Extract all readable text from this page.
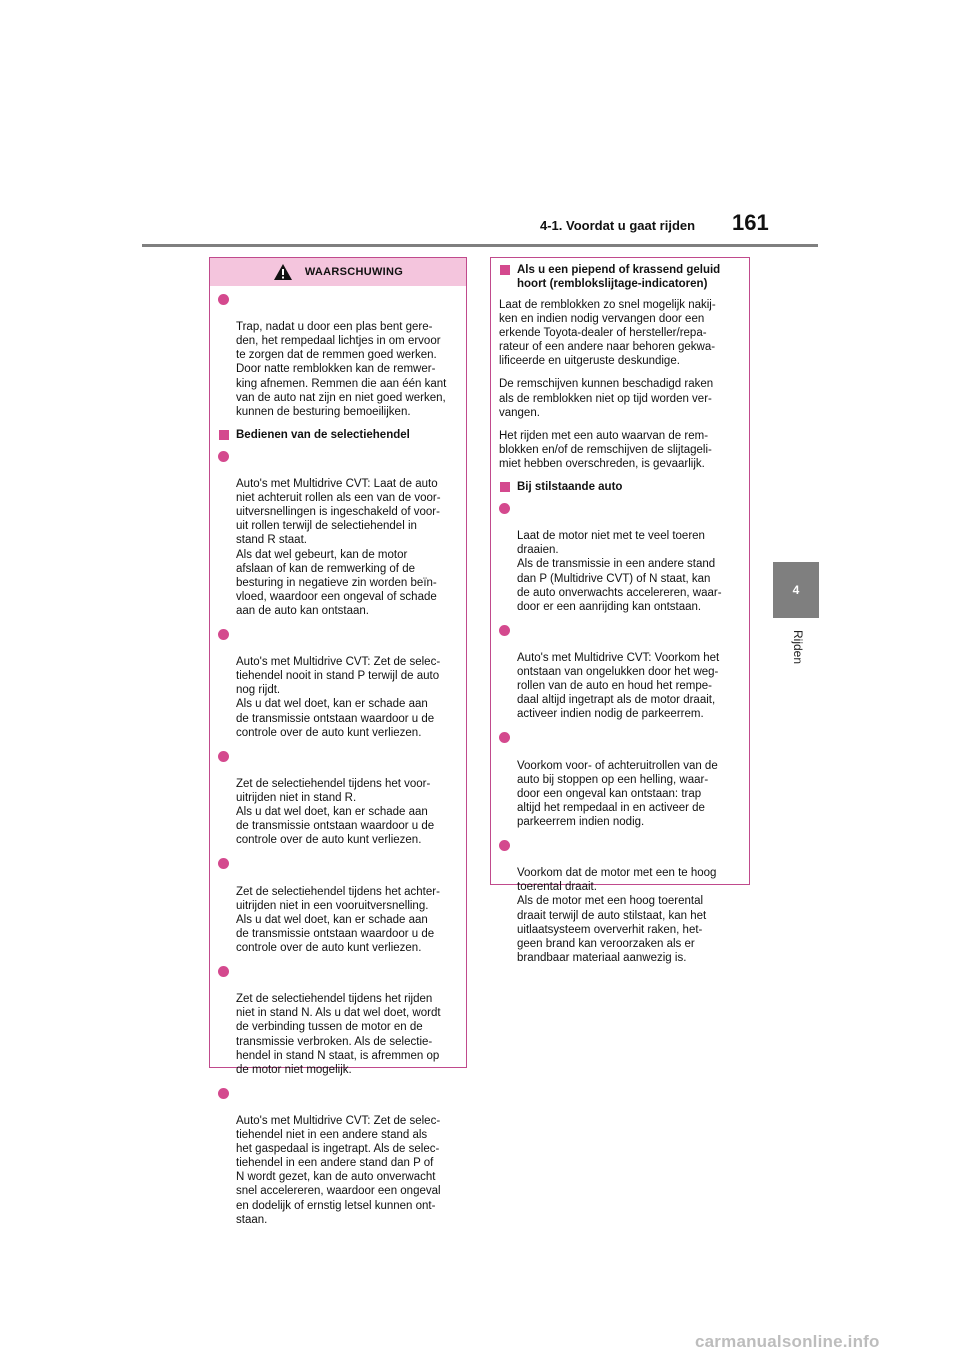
4-1. Voordat u gaat rijden	161
4
Rijden
WAARSCHUWING

Trap, nadat u door een plas bent gere-
den, het rempedaal lichtjes in om ervoor
te zorgen dat de remmen goed werken.
Door natte remblokken kan de remwer-
king afnemen. Remmen die aan één kant
van de auto nat zijn en niet goed werken,
kunnen de besturing bemoeilijken.

Bedienen van de selectiehendel

Auto's met Multidrive CVT: Laat de auto
niet achteruit rollen als een van de voor-
uitversnellingen is ingeschakeld of voor-
uit rollen terwijl de selectiehendel in
stand R staat.
Als dat wel gebeurt, kan de motor
afslaan of kan de remwerking of de
besturing in negatieve zin worden beïn-
vloed, waardoor een ongeval of schade
aan de auto kan ontstaan.

Auto's met Multidrive CVT: Zet de selec-
tiehendel nooit in stand P terwijl de auto
nog rijdt.
Als u dat wel doet, kan er schade aan
de transmissie ontstaan waardoor u de
controle over de auto kunt verliezen.

Zet de selectiehendel tijdens het voor-
uitrijden niet in stand R.
Als u dat wel doet, kan er schade aan
de transmissie ontstaan waardoor u de
controle over de auto kunt verliezen.

Zet de selectiehendel tijdens het achter-
uitrijden niet in een vooruitversnelling.
Als u dat wel doet, kan er schade aan
de transmissie ontstaan waardoor u de
controle over de auto kunt verliezen.

Zet de selectiehendel tijdens het rijden
niet in stand N. Als u dat wel doet, wordt
de verbinding tussen de motor en de
transmissie verbroken. Als de selectie-
hendel in stand N staat, is afremmen op
de motor niet mogelijk.

Auto's met Multidrive CVT: Zet de selec-
tiehendel niet in een andere stand als
het gaspedaal is ingetrapt. Als de selec-
tiehendel in een andere stand dan P of
N wordt gezet, kan de auto onverwacht
snel accelereren, waardoor een ongeval
en dodelijk of ernstig letsel kunnen ont-
staan.

Als u een piepend of krassend geluid hoort (remblokslijtage-indicatoren)
Laat de remblokken zo snel mogelijk nakij-
ken en indien nodig vervangen door een
erkende Toyota-dealer of hersteller/repa-
rateur of een andere naar behoren gekwa-
lificeerde en uitgeruste deskundige.
De remschijven kunnen beschadigd raken
als de remblokken niet op tijd worden ver-
vangen.
Het rijden met een auto waarvan de rem-
blokken en/of de remschijven de slijtageli-
miet hebben overschreden, is gevaarlijk.
Bij stilstaande auto

Laat de motor niet met te veel toeren
draaien.
Als de transmissie in een andere stand
dan P (Multidrive CVT) of N staat, kan
de auto onverwachts accelereren, waar-
door er een aanrijding kan ontstaan.

Auto's met Multidrive CVT: Voorkom het
ontstaan van ongelukken door het weg-
rollen van de auto en houd het rempe-
daal altijd ingetrapt als de motor draait,
activeer indien nodig de parkeerrem.

Voorkom voor- of achteruitrollen van de
auto bij stoppen op een helling, waar-
door een ongeval kan ontstaan: trap
altijd het rempedaal in en activeer de
parkeerrem indien nodig.

Voorkom dat de motor met een te hoog
toerental draait.
Als de motor met een hoog toerental
draait terwijl de auto stilstaat, kan het
uitlaatsysteem oververhit raken, het-
geen brand kan veroorzaken als er
brandbaar materiaal aanwezig is.

carmanualsonline.info
